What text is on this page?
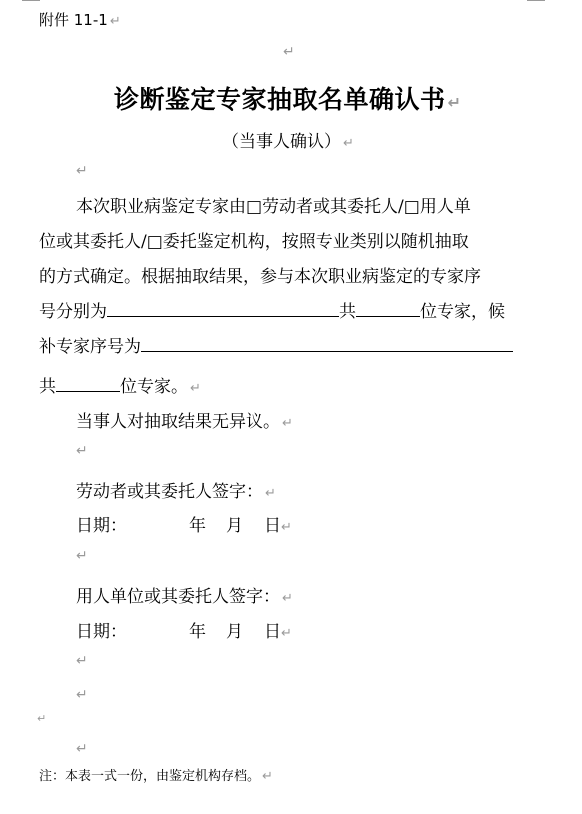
附件 11-1 ↵
↵
诊断鉴定专家抽取名单确认书 ↵
（当事人确认） ↵
↵
本次职业病鉴定专家由□劳动者或其委托人/□用人单
位或其委托人/□委托鉴定机构，按照专业类别以随机抽取
的方式确定。根据抽取结果，参与本次职业病鉴定的专家序
号分别为	共	位专家，候
补专家序号为
共	位专家。 ↵
当事人对抽取结果无异议。 ↵
↵
劳动者或其委托人签字： ↵
日期：	年 月 日↵
↵
用人单位或其委托人签字： ↵
日期：	年 月 日↵
↵
↵
↵
↵
注：本表一式一份，由鉴定机构存档。 ↵
